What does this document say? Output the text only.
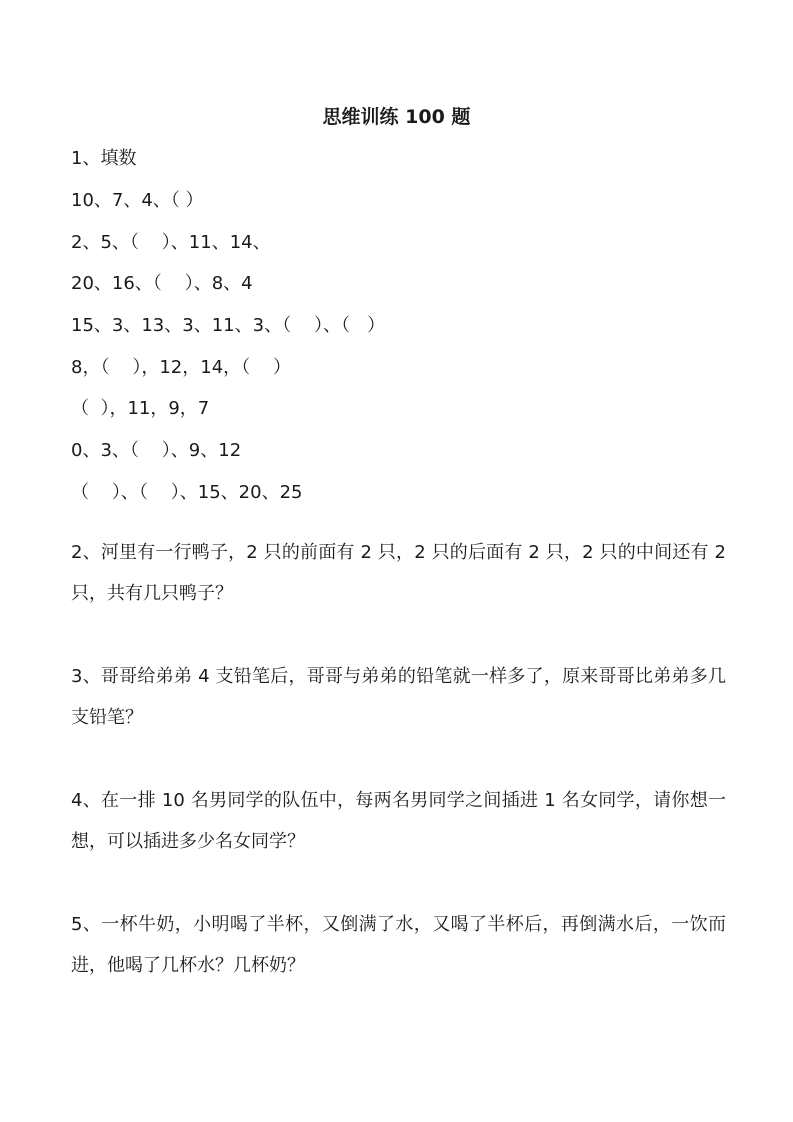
思维训练 100 题
1、填数
10、7、4、（ ）
2、5、（    ）、11、14、
20、16、（    ）、8、4
15、3、13、3、11、3、（    ）、（   ）
8，（    ），12，14，（    ）
（  ），11，9，7
0、3、（    ）、9、12
（    ）、（    ）、15、20、25

2、河里有一行鸭子，2 只的前面有 2 只，2 只的后面有 2 只，2 只的中间还有 2 只，共有几只鸭子？

3、哥哥给弟弟 4 支铅笔后，哥哥与弟弟的铅笔就一样多了，原来哥哥比弟弟多几支铅笔？

4、在一排 10 名男同学的队伍中，每两名男同学之间插进 1 名女同学，请你想一想，可以插进多少名女同学？

5、一杯牛奶，小明喝了半杯，又倒满了水，又喝了半杯后，再倒满水后，一饮而进，他喝了几杯水？几杯奶？
